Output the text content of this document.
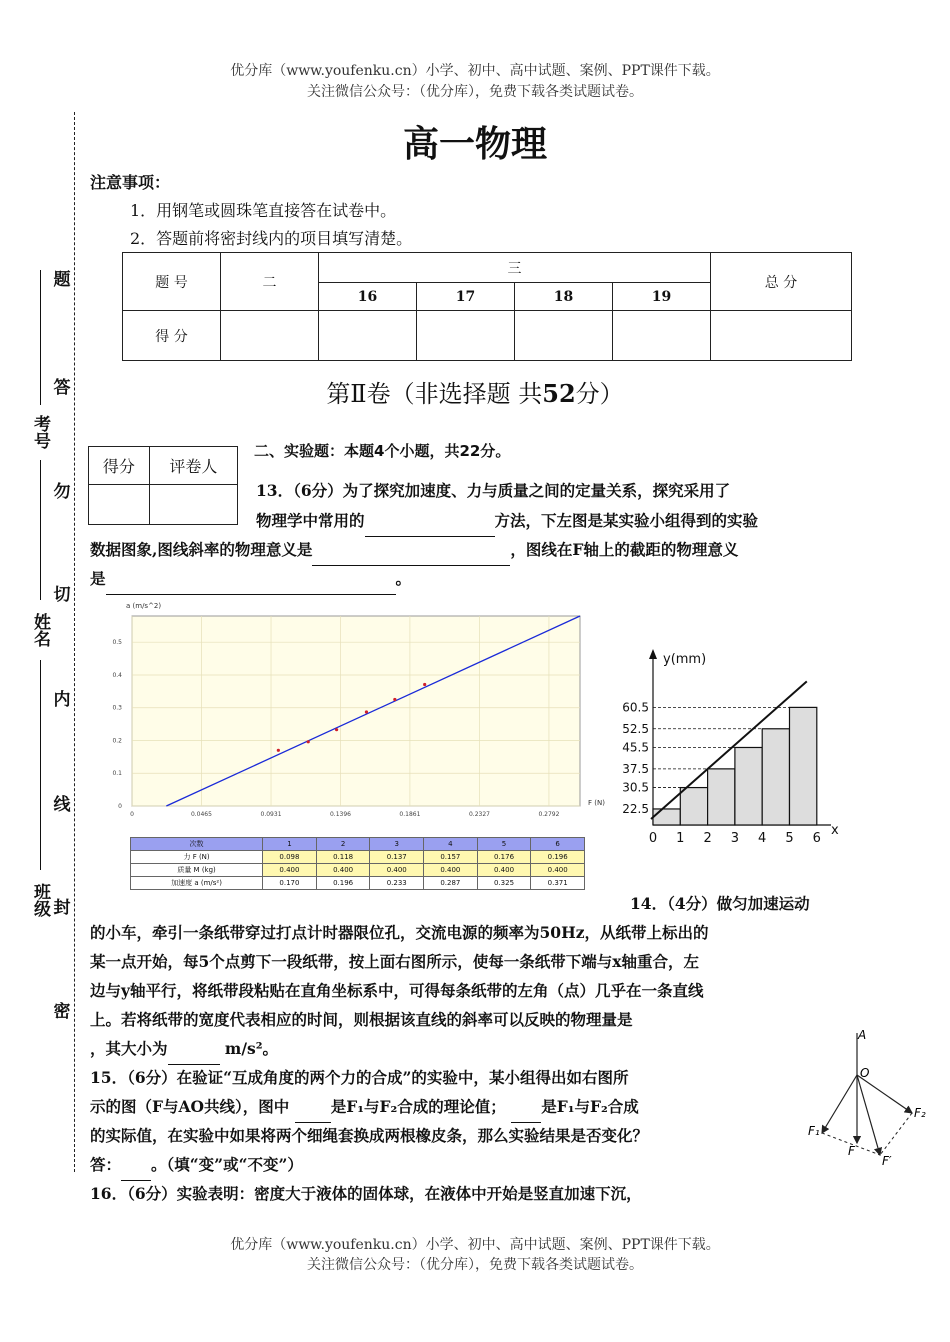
优分库（www.youfenku.cn）小学、初中、高中试题、案例、PPT课件下载。
关注微信公众号：（优分库），免费下载各类试题试卷。
高一物理
题
答
勿
切
内
线
封
密
考号
姓名
班级
注意事项：
1．用钢笔或圆珠笔直接答在试卷中。
2．答题前将密封线内的项目填写清楚。
题 号	二	三				总 分
		16	17	18	19	
得 分						
第Ⅱ卷（非选择题 共52分）
得分	评卷人

二、实验题：本题4个小题，共22分。
13．（6分）为了探究加速度、力与质量之间的定量关系，探究采用了
物理学中常用的	方法，下左图是某实验小组得到的实验
数据图象,图线斜率的物理意义是	，图线在F轴上的截距的物理意义
是	。
0	0.0465	0.0931	0.1396	0.1861	0.2327	0.2792
0
0.1
0.2
0.3
0.4
0.5
a (m/s^2)
F (N)
次数	1	2	3	4	5	6
力 F (N)	0.098	0.118	0.137	0.157	0.176	0.196
质量 M (kg)	0.400	0.400	0.400	0.400	0.400	0.400
加速度 a (m/s²)	0.170	0.196	0.233	0.287	0.325	0.371
22.5
30.5
37.5
45.5
52.5
60.5
0 1 2 3 4 5 6
y(mm)
x
14．（4分）做匀加速运动
的小车，牵引一条纸带穿过打点计时器限位孔，交流电源的频率为50Hz，从纸带上标出的
某一点开始，每5个点剪下一段纸带，按上面右图所示，使每一条纸带下端与x轴重合，左
边与y轴平行，将纸带段粘贴在直角坐标系中，可得每条纸带的左角（点）几乎在一条直线
上。若将纸带的宽度代表相应的时间，则根据该直线的斜率可以反映的物理量是
，其大小为	m/s²。
15．（6分）在验证“互成角度的两个力的合成”的实验中，某小组得出如右图所
示的图（F与AO共线），图中	是F₁与F₂合成的理论值； 是F₁与F₂合成
的实际值，在实验中如果将两个细绳套换成两根橡皮条，那么实验结果是否变化？
答： 。（填“变”或“不变”）
A
O
F₁
F₂
F
F′
16．（6分）实验表明：密度大于液体的固体球，在液体中开始是竖直加速下沉，
优分库（www.youfenku.cn）小学、初中、高中试题、案例、PPT课件下载。
关注微信公众号：（优分库），免费下载各类试题试卷。
